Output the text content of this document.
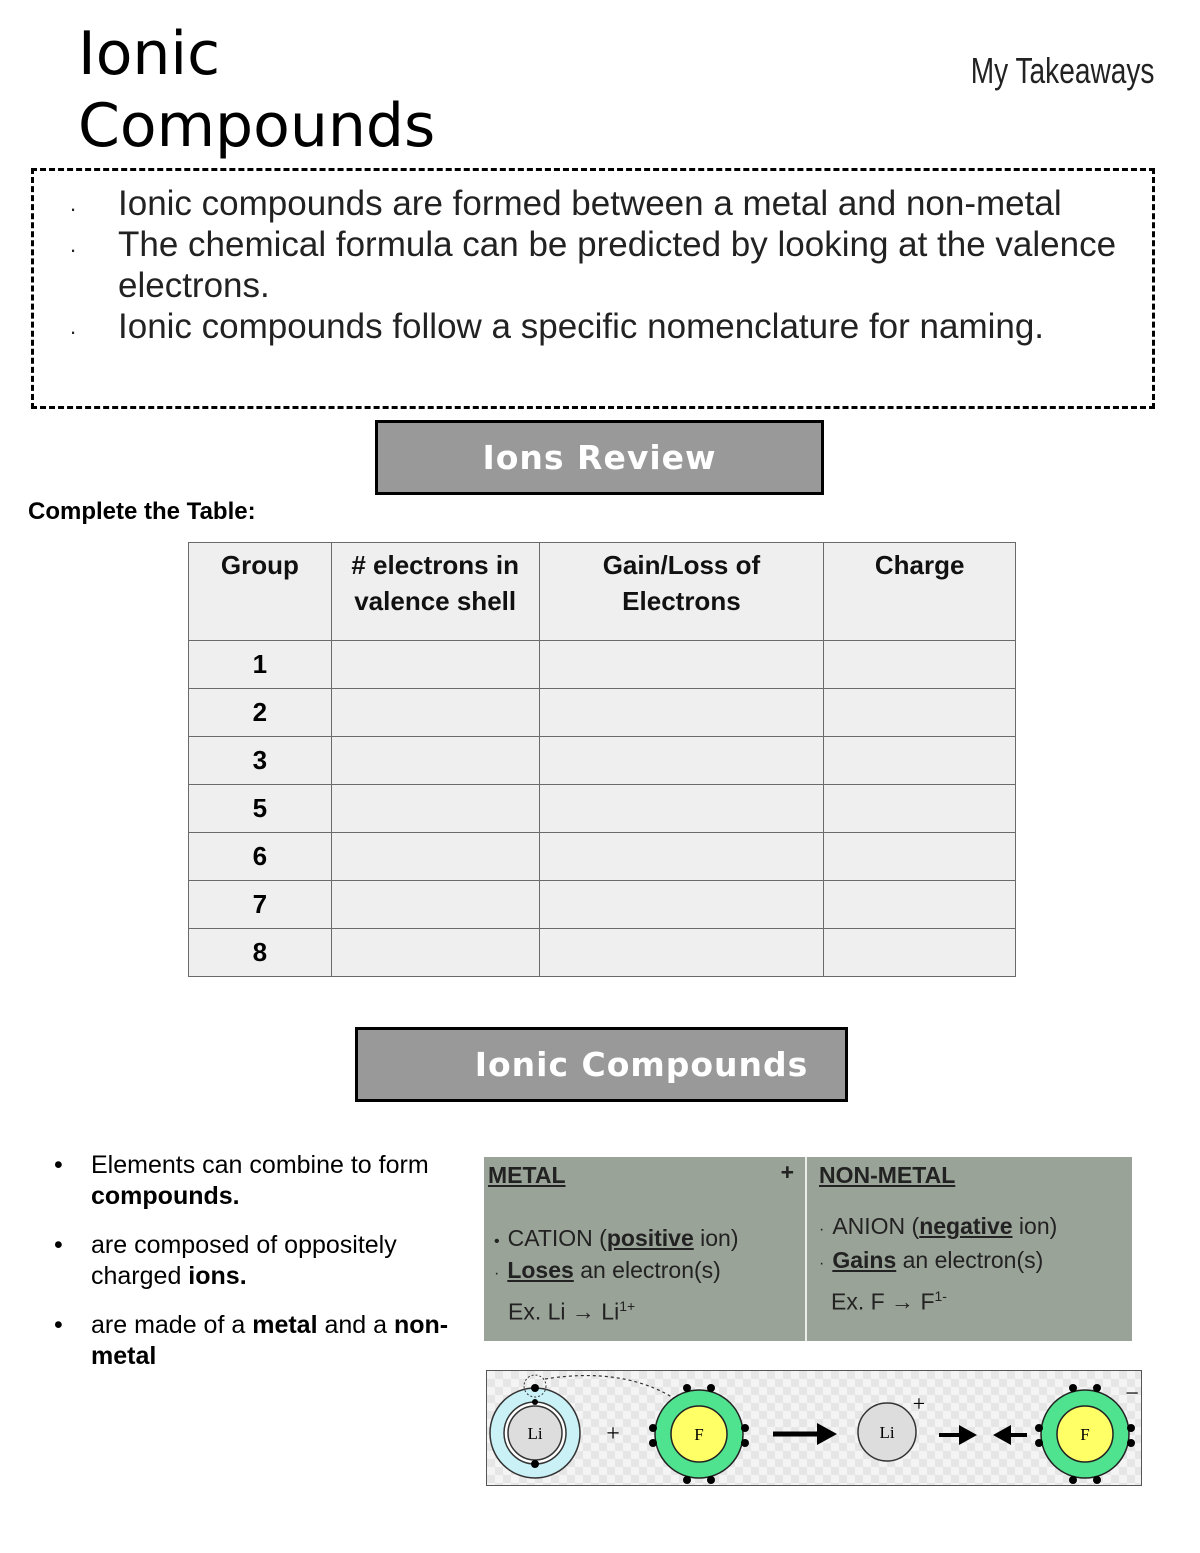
Ionic
Compounds
My Takeaways
. Ionic compounds are formed between a metal and non-metal
. The chemical formula can be predicted by looking at the valence electrons.
. Ionic compounds follow a specific nomenclature for naming.
Ions Review
Complete the Table:
Group	# electrons in valence shell	Gain/Loss of Electrons	Charge
1			
2			
3			
5			
6			
7			
8			
Ionic Compounds
• Elements can combine to form compounds.
• are composed of oppositely charged ions.
• are made of a metal and a non-metal
METAL	+
• CATION (positive ion)
· Loses an electron(s)
Ex. $Li \to Li^{1+}$
NON-METAL
· ANION (negative ion)
· Gains an electron(s)
Ex. $F \to F^{1-}$
Li	+	F	Li
+
F
−
